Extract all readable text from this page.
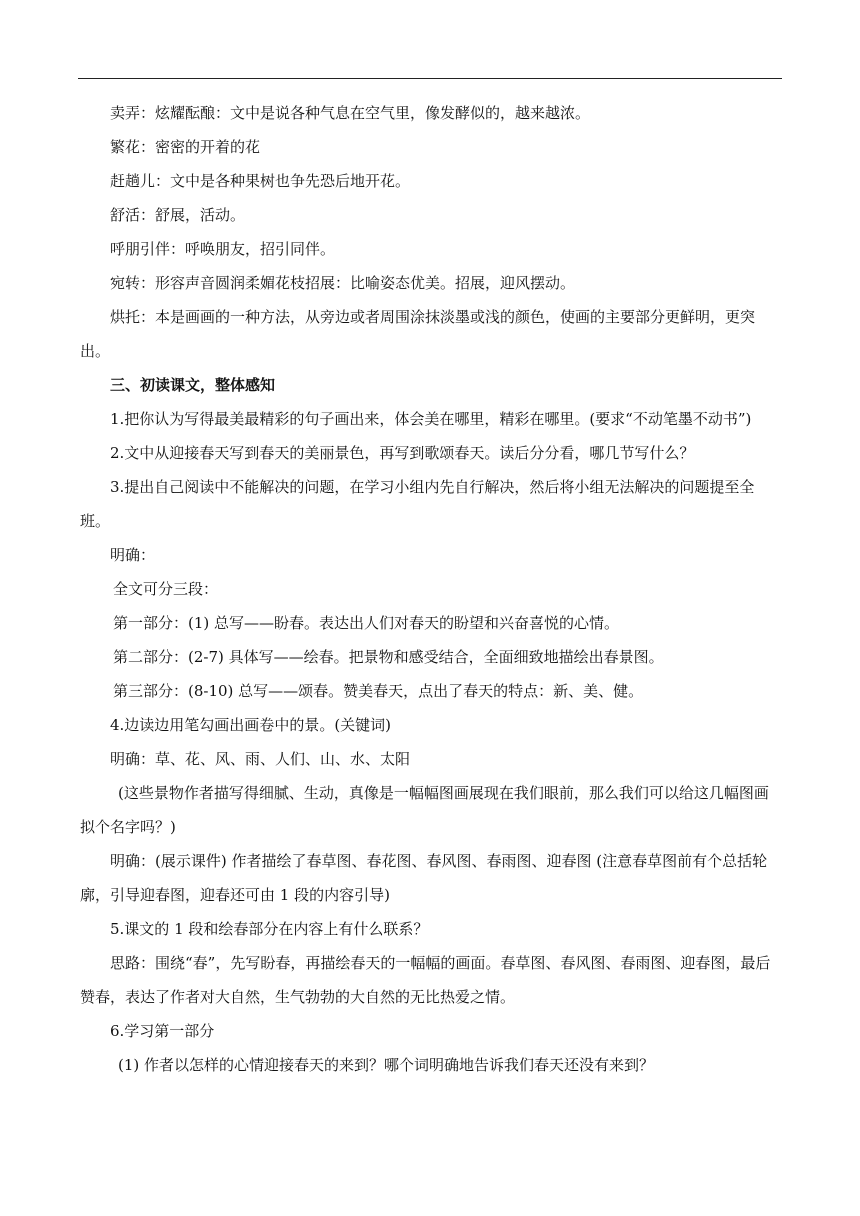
卖弄：炫耀酝酿：文中是说各种气息在空气里，像发酵似的，越来越浓。

繁花：密密的开着的花

赶趟儿：文中是各种果树也争先恐后地开花。

舒活：舒展，活动。

呼朋引伴：呼唤朋友，招引同伴。

宛转：形容声音圆润柔媚花枝招展：比喻姿态优美。招展，迎风摆动。

烘托：本是画画的一种方法，从旁边或者周围涂抹淡墨或浅的颜色，使画的主要部分更鲜明，更突出。

三、初读课文，整体感知

1.把你认为写得最美最精彩的句子画出来，体会美在哪里，精彩在哪里。(要求“不动笔墨不动书”)

2.文中从迎接春天写到春天的美丽景色，再写到歌颂春天。读后分分看，哪几节写什么？

3.提出自己阅读中不能解决的问题，在学习小组内先自行解决，然后将小组无法解决的问题提至全班。

明确：

全文可分三段：

第一部分：(1) 总写——盼春。表达出人们对春天的盼望和兴奋喜悦的心情。

第二部分：(2-7) 具体写——绘春。把景物和感受结合，全面细致地描绘出春景图。

第三部分：(8-10) 总写——颂春。赞美春天，点出了春天的特点：新、美、健。

4.边读边用笔勾画出画卷中的景。(关键词)

明确：草、花、风、雨、人们、山、水、太阳

(这些景物作者描写得细腻、生动，真像是一幅幅图画展现在我们眼前，那么我们可以给这几幅图画拟个名字吗？)

明确：(展示课件) 作者描绘了春草图、春花图、春风图、春雨图、迎春图 (注意春草图前有个总括轮廓，引导迎春图，迎春还可由 1 段的内容引导)

5.课文的 1 段和绘春部分在内容上有什么联系？

思路：围绕“春”，先写盼春，再描绘春天的一幅幅的画面。春草图、春风图、春雨图、迎春图，最后赞春，表达了作者对大自然，生气勃勃的大自然的无比热爱之情。

6.学习第一部分

(1) 作者以怎样的心情迎接春天的来到？哪个词明确地告诉我们春天还没有来到？
